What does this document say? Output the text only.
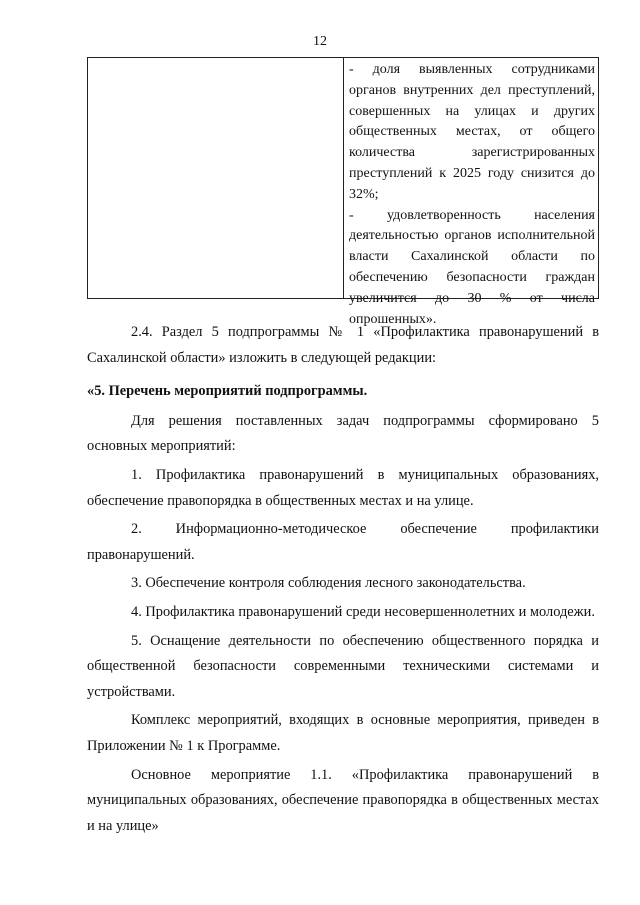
12

- доля выявленных сотрудниками органов внутренних дел преступлений, совершенных на улицах и других общественных местах, от общего количества зарегистрированных преступлений к 2025 году снизится до 32%;

- удовлетворенность населения деятельностью органов исполнительной власти Сахалинской области по обеспечению безопасности граждан увеличится до 30 % от числа опрошенных».

2.4. Раздел 5 подпрограммы № 1 «Профилактика правонарушений в Сахалинской области» изложить в следующей редакции:

«5. Перечень мероприятий подпрограммы.

Для решения поставленных задач подпрограммы сформировано 5 основных мероприятий:

1. Профилактика правонарушений в муниципальных образованиях, обеспечение правопорядка в общественных местах и на улице.

2. Информационно-методическое обеспечение профилактики правонарушений.

3. Обеспечение контроля соблюдения лесного законодательства.

4. Профилактика правонарушений среди несовершеннолетних и молодежи.

5. Оснащение деятельности по обеспечению общественного порядка и общественной безопасности современными техническими системами и устройствами.

Комплекс мероприятий, входящих в основные мероприятия, приведен в Приложении № 1 к Программе.

Основное мероприятие 1.1. «Профилактика правонарушений в муниципальных образованиях, обеспечение правопорядка в общественных местах и на улице»
